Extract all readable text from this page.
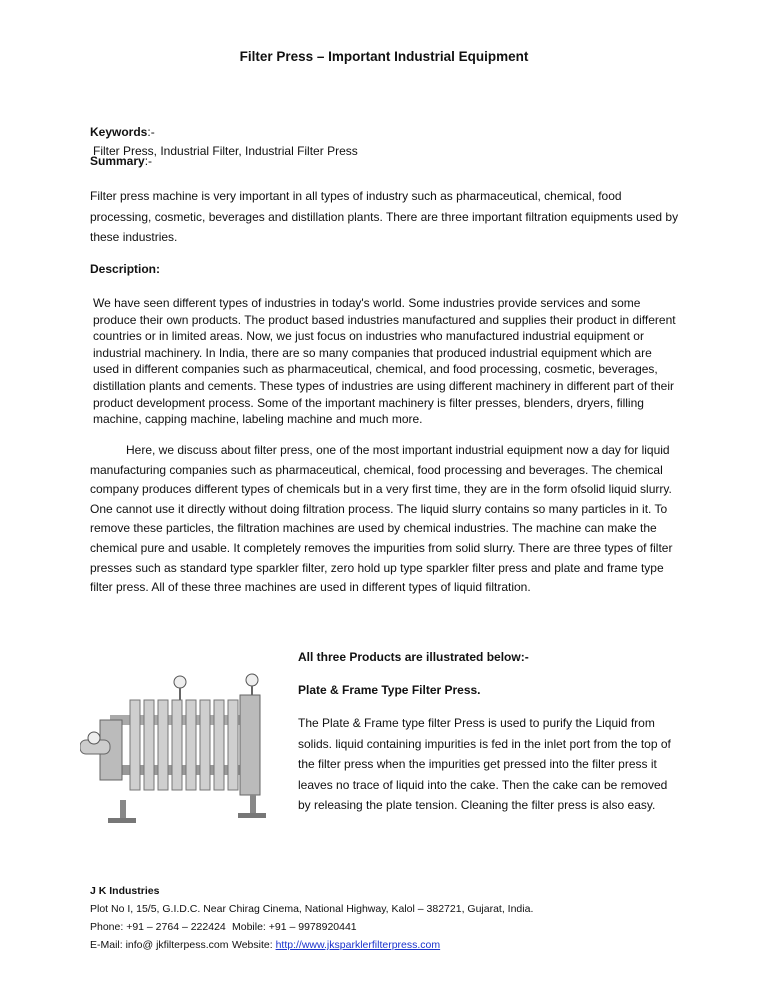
Filter Press – Important Industrial Equipment
Keywords:-
Filter Press, Industrial Filter, Industrial Filter Press
Summary:-

Filter press machine is very important in all types of industry such as pharmaceutical, chemical, food processing, cosmetic, beverages and distillation plants. There are three important filtration equipments used by these industries.

Description:

We have seen different types of industries in today's world. Some industries provide services and some produce their own products. The product based industries manufactured and supplies their product in different countries or in limited areas. Now, we just focus on industries who manufactured industrial equipment or industrial machinery. In India, there are so many companies that produced industrial equipment which are used in different companies such as pharmaceutical, chemical, and food processing, cosmetic, beverages, distillation plants and cements. These types of industries are using different machinery in different part of their product development process. Some of the important machinery is filter presses, blenders, dryers, filling machine, capping machine, labeling machine and much more.

Here, we discuss about filter press, one of the most important industrial equipment now a day for liquid manufacturing companies such as pharmaceutical, chemical, food processing and beverages. The chemical company produces different types of chemicals but in a very first time, they are in the form ofsolid liquid slurry. One cannot use it directly without doing filtration process. The liquid slurry contains so many particles in it. To remove these particles, the filtration machines are used by chemical industries. The machine can make the chemical pure and usable. It completely removes the impurities from solid slurry. There are three types of filter presses such as standard type sparkler filter, zero hold up type sparkler filter press and plate and frame type filter press. All of these three machines are used in different types of liquid filtration.

All three Products are illustrated below:-
Plate & Frame Type Filter Press.

The Plate & Frame type filter Press is used to purify the Liquid from solids. liquid containing impurities is fed in the inlet port from the top of the filter press when the impurities get pressed into the filter press it leaves no trace of liquid into the cake. Then the cake can be removed by releasing the plate tension. Cleaning the filter press is also easy.

J K Industries
Plot No I, 15/5, G.I.D.C. Near Chirag Cinema, National Highway, Kalol – 382721, Gujarat, India.
Phone: +91 – 2764 – 222424 Mobile: +91 – 9978920441
E-Mail: info@ jkfilterpess.com Website: http://www.jksparklerfilterpress.com
